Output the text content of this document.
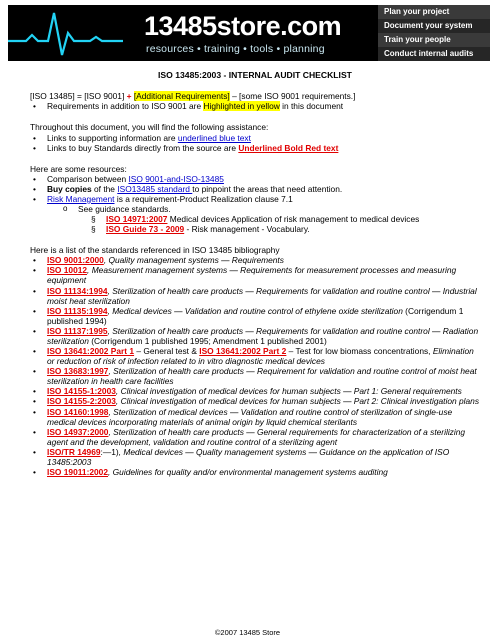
13485store.com
resources • training • tools • planning
Plan your project
Document your system
Train your people
Conduct internal audits

ISO 13485:2003 - INTERNAL AUDIT CHECKLIST

[ISO 13485] = [ISO 9001] + [Additional Requirements] – [some ISO 9001 requirements.]

• Requirements in addition to ISO 9001 are Highlighted in yellow in this document

Throughout this document, you will find the following assistance:

• Links to supporting information are underlined blue text

• Links to buy Standards directly from the source are Underlined Bold Red text

Here are some resources:

• Comparison between ISO 9001-and-ISO-13485

• Buy copies of the ISO13485 standard to pinpoint the areas that need attention.

• Risk Management is a requirement-Product Realization clause 7.1

o See guidance standards.

§ ISO 14971:2007 Medical devices Application of risk management to medical devices

§ ISO Guide 73 - 2009 - Risk management - Vocabulary.

Here is a list of the standards referenced in ISO 13485 bibliography

• ISO 9001:2000, Quality management systems — Requirements

• ISO 10012, Measurement management systems — Requirements for measurement processes and measuring equipment

• ISO 11134:1994, Sterilization of health care products — Requirements for validation and routine control — Industrial moist heat sterilization

• ISO 11135:1994, Medical devices — Validation and routine control of ethylene oxide sterilization (Corrigendum 1 published 1994)

• ISO 11137:1995, Sterilization of health care products — Requirements for validation and routine control — Radiation sterilization (Corrigendum 1 published 1995; Amendment 1 published 2001)

• ISO 13641:2002 Part 1 – General test & ISO 13641:2002 Part 2 – Test for low biomass concentrations, Elimination or reduction of risk of infection related to in vitro diagnostic medical devices

• ISO 13683:1997, Sterilization of health care products — Requirement for validation and routine control of moist heat sterilization in health care facilities

• ISO 14155-1:2003, Clinical investigation of medical devices for human subjects — Part 1: General requirements

• ISO 14155-2:2003, Clinical investigation of medical devices for human subjects — Part 2: Clinical investigation plans

• ISO 14160:1998, Sterilization of medical devices — Validation and routine control of sterilization of single-use medical devices incorporating materials of animal origin by liquid chemical sterilants

• ISO 14937:2000, Sterilization of health care products — General requirements for characterization of a sterilizing agent and the development, validation and routine control of a sterilizing agent

• ISO/TR 14969:—1), Medical devices — Quality management systems — Guidance on the application of ISO 13485:2003

• ISO 19011:2002, Guidelines for quality and/or environmental management systems auditing

©2007 13485 Store
